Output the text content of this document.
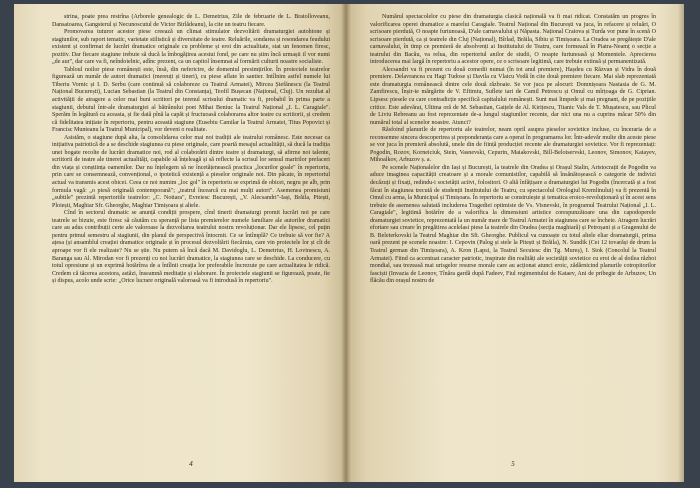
strina, poate prea restrîna (Arborele genealogic de L. Demetrius, Zile de februarie de L. Bratolloveanu, Dansatoarea, Gangsterul și Necunoscutul de Victor Birlădeanu), la cite un teatru fiecare.

Promovarea tuturor acestor piese creează un climat stimulator dezvoltării dramaturgiei autohtone și stagiunilor, sub raport tematic, varietate stilistică și diversitate de teatre. Reluările, sondarea și resondarea feudului existent și confirmat de lucrări dramatice originale cu probleme și eroi din actualitate, stat un fenomen firesc, pozitiv. Dar fiecare stagiune trebuie să ducă la îmbogățirea acestui fond, pe care nu știm încă urmașii il vor numi „de aur", dar care va fi, neîndoielnic, adînc prezent, ca un capitol însemnat al formării culturii noastre socialiste.

Tabloul noilor piese românești este, însă, din nefericire, de domeniul presimțirilor. În proiectele teatrelor figurează un număr de autori dramatici (mereuți și tineri), cu piese aflate în santier. Intîlnim astfel numele lui Tiberiu Vornic și I. D. Serbu (care continuă să colaboreze cu Teatrul Armatei), Mircea Ștefănescu (la Teatrul Național București), Lucian Sebastian (la Teatrul din Constanța), Teofil Bușecan (Național, Cluj). Un rezultat al activității de atragere a celor mai buni scriitori pe terenul scrisului dramatic va fi, probabil în prima parte a stagiunii, debutul într-ale dramaturgiei al bătrânului poet Mihai Beniuc la Teatrul Național „I. L. Caragiale". Sperăm în legătură cu aceasta, și fie dată pînă la capăt și fructuoasă colaborarea altor teatre cu scriitorii, și credem că fidelitatea inițiate în repertoriu, pentru această stagiune (Eusebiu Camilar la Teatrul Armatei, Titus Popovici și Francisc Munteanu la Teatrul Municipal), vor deveni o realitate.

Asistăm, o stagiune după alta, la consolidarea celor mai noi tradiții ale teatrului românesc. Este necesar ca inițiativa patriotică de a se deschide stagiunea cu piese originale, care poartă mesajul actualității, să ducă la tradiția unei bogate recolte de lucrări dramatice noi, rod al colaborării dintre teatre și dramaturgi, să afirme noi talente, scriitorii de teatre ale tinerei actualități, capabile să înțeleagă și să reflecte la scrisul lor sensul maririlor prefaceri din viața și conștiința oamenilor. Dar nu înțelegem să ne încetățenească practica „locurilor goale" în repertoriu, prin care se consemnează, convențional, o ipotetică existență a pieselor originale noi. Din păcate, în repertoriul actual va transmis acest obicei. Ceea ce noi numim „loc gol" în repertoriu se exprimă de obicei, negru pe alb, prin formula vagă: „o piesă originală contemporană"; „teatrul încearcă cu mai mulți autori". Asemenea promisiuni „subtile" prezintă repertoriile teatrelor: „C. Nottara", Evreiesc București, „V. Alecsandri"-Iași, Brăila, Pitești, Ploiești, Maghiar Sfr. Gheorghe, Maghiar Timișoara și altele.

Cînd în sectorul dramatic se anunță condiții prospere, cînd tinerii dramaturgi promit lucrări noi pe care teatrele se bizuie, este firesc să căutăm cu speranță pe lista premierelor numele familiare ale autorilor dramatici care au adus contribuții certe ale valoroase la dezvoltarea teatrului nostru revoluționar. Dar ele lipsesc, cel puțin pentru primul semestru al stagiunii, din planul de perspectivă întocmit. Ce se întîmplă? Ce trebuie să vor fie? A ațesa (și ansamblul creației dramatice originale și în procesul dezvoltării fiecăruia, care vin proiectele lor și cît de aproape vor fi ele realizate? Nu se știe. Nu putem să încă dacă M. Davidoglu, L. Demetrius, H. Lovinescu, A. Baranga sau Al. Mirodan vor fi prezenți cu noi lucrări dramatice, la stagiunea care se deschide. La conducere, cu totul opresiune și un exprimă hotărîrea de a întîlnii creația lor preferabile încrezute pe care actualitatea le ridică. Credem că tăcerea acestora, astăzi, înseamnă meditație și elaborare. În proiectele stagiunii se figurează, poate, fie și dispus, acolo unde scrie: „Orice lucrare originală valoroasă va fi introdusă în repertoriu".

4

Numărul spectacolelor cu piese din dramaturgia clasică națională va fi mai ridicat. Constatăm un progres în valorificarea operei dramatice a marelui Caragiale. Teatrul Național din București va juca, în refacere și reluări, O scrisoare pierdută, O noapte furtunoasă, D'ale carnavalului și Năpasta. Național Craiova și Turda vor pune în scenă O scrisoare pierdută, ca și teatrele din Cluj (Național), Bîrlad, Brăila, Sibiu și Timișoara. La Oradea se pregătește D'ale carnavalului, în timp ce premieră de absolvenți ai Institutului de Teatru, care formează în Piatra-Neamț o secție a teatrului din Bacău, va relua, din repertoriul anilor de studii, O noapte furtunoasă și Momentele. Aprecierea introducerea mai largă în repertoriu a acestor opere, ce o scrisoare legitimă, care trebuie extinsă și permanentizată.

Alecsandri va fi prezent cu două comedii numai (în tot anul premiere), Hașdeu cu Răzvan și Vidra în două premiere. Delavrancea cu Hagi Tudose și Davila cu Vlaicu Vodă în cite două premiere fiecare. Mai slab reprezentată este dramaturgia românească dintre cele două războaie. Se vor juca pe alocuri: Domnișoara Nastasia de G. M. Zamfirescu, Înșir-te mărgărite de V. Eftimiu, Suflete tari de Camil Petrescu și Omul cu mîrțoaga de G. Ciprian. Lipsesc piesele cu care contradicție specifică capitalului românești. Sunt mai limpede și mai pregnant, de pe pozițiile critice. Este adevărat, Ultima oră de M. Sebastian, Gaițele de Al. Kirițescu, Titanic Vals de T. Mușatescu, sau Plicul de Liviu Rebreanu au fost reprezentate de-a lungul stagiunilor recente, dar nici una nu a cuprins măcar 50% din numărul total al scenelor noastre. Atunci?

Răsfoind planurile de repertoriu ale teatrelor, neam opril asupra pieselor sovietice incluse, cu înceraria de a reconsemne sincera descoperirea și preponderanța care a operat în programarea lor. Într-adevăr multe din aceste piese se vor juca în premieră absolută, unele din de ființă producției recente ale dramaturgiei sovietice. Vor fi reprezentați: Pogodin, Rozov, Korneiciuk, Stein, Vasnevski, Cepurin, Maiakovski, Bill-Belotservski, Leonov, Simonov, Katayev, Mihoalkov, Arbuzov ș. a.

Pe scenele Naționalelor din Iași și București, la teatrele din Oradea și Orașul Stalin, Aristocrații de Pogodin va aduce imaginea capacității creatoare și a morale comunistilor, capabilă să însănătoșească o categorie de indivizi decăzuți și fixați, redindu-i societății activi, folositori. O altă înfățișare a dramaturgiei lui Pogodin (încercată și a fost făcut în stagiunea trecută de studenții Institutului de Teatru, cu spectacolul Orologiul Kremlinului) va fi prezentă în Omul cu arma, la Municipal și Timișoara. În repertoriu se construiește și tematica eroico-revoluționară și în acest sens trebuie de asemenea salutată includerea Tragediei optimiste de Vs. Visnevski, în programul Teatrului Național „I. L. Caragiale", legitimă hotărîre de a valorifica la dimensiuni artistice corespunzătoare una din capodoperele dramaturgiei sovietice, reprezentată la un număr mare de Teatrul Armatei în stagiunea care se încheie. Atragem lucrări efortare sau creare în pregătirea acelelasi piese la teatrele din Oradea (secția maghiară) și Petroșani și a Gragenului de B. Beleterkovski la Teatrul Maghiar din Sft. Gheorghe. Publicul va cunoaște cu totul altele eliar dramaturgii, prima oară prezent pe scenele noastre: I. Cepovin (Palog și stele la Pitești și Brăila), N. Sundik (Cei 12 tovarăși de drum la Teatrul german din Timișoara), A. Kron (Lapsi, la Teatrul Secuiesc din Tg. Mureș), I. Stok (Concolul la Teatrul Armatei). Fiind ca accentuat caracter patriotic, inspirate din realități ale societății sovietice cu eroi de al doilea război mondial, sau trezeasă mai urisgelor resurse morale care au acționat atunci eroic, zădărnicind planurile cotropitorilor fasciști (Invazia de Leonov, Tînăra gardă după Fadeev, Fiul regimentului de Kataev, Ani de pribegie de Arbuzov, Un flăcău din orașul nostru de

5
